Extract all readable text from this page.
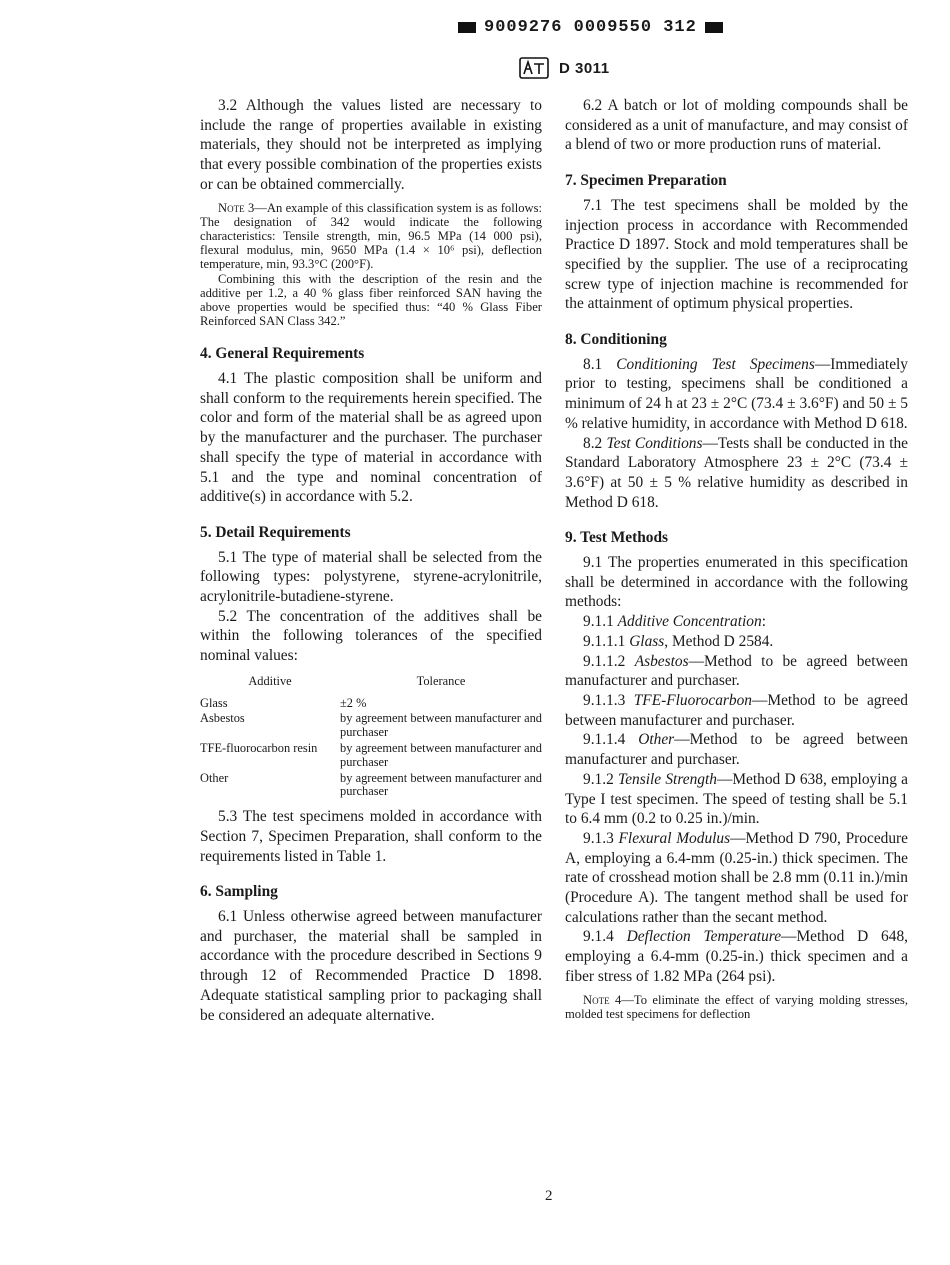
9009276 0009550 312
D 3011

3.2 Although the values listed are necessary to include the range of properties available in existing materials, they should not be interpreted as implying that every possible combination of the properties exists or can be obtained commercially.

Note 3—An example of this classification system is as follows: The designation of 342 would indicate the following characteristics: Tensile strength, min, 96.5 MPa (14 000 psi), flexural modulus, min, 9650 MPa (1.4 × 10⁶ psi), deflection temperature, min, 93.3°C (200°F).

Combining this with the description of the resin and the additive per 1.2, a 40 % glass fiber reinforced SAN having the above properties would be specified thus: “40 % Glass Fiber Reinforced SAN Class 342.”

4. General Requirements

4.1 The plastic composition shall be uniform and shall conform to the requirements herein specified. The color and form of the material shall be as agreed upon by the manufacturer and the purchaser. The purchaser shall specify the type of material in accordance with 5.1 and the type and nominal concentration of additive(s) in accordance with 5.2.

5. Detail Requirements

5.1 The type of material shall be selected from the following types: polystyrene, styrene-acrylonitrile, acrylonitrile-butadiene-styrene.

5.2 The concentration of the additives shall be within the following tolerances of the specified nominal values:

Additive	Tolerance
Glass	±2 %
Asbestos	by agreement between manufacturer and purchaser
TFE-fluorocarbon resin	by agreement between manufacturer and purchaser
Other	by agreement between manufacturer and purchaser

5.3 The test specimens molded in accordance with Section 7, Specimen Preparation, shall conform to the requirements listed in Table 1.

6. Sampling

6.1 Unless otherwise agreed between manufacturer and purchaser, the material shall be sampled in accordance with the procedure described in Sections 9 through 12 of Recommended Practice D 1898. Adequate statistical sampling prior to packaging shall be considered an adequate alternative.

6.2 A batch or lot of molding compounds shall be considered as a unit of manufacture, and may consist of a blend of two or more production runs of material.

7. Specimen Preparation

7.1 The test specimens shall be molded by the injection process in accordance with Recommended Practice D 1897. Stock and mold temperatures shall be specified by the supplier. The use of a reciprocating screw type of injection machine is recommended for the attainment of optimum physical properties.

8. Conditioning

8.1 Conditioning Test Specimens—Immediately prior to testing, specimens shall be conditioned a minimum of 24 h at 23 ± 2°C (73.4 ± 3.6°F) and 50 ± 5 % relative humidity, in accordance with Method D 618.

8.2 Test Conditions—Tests shall be conducted in the Standard Laboratory Atmosphere 23 ± 2°C (73.4 ± 3.6°F) at 50 ± 5 % relative humidity as described in Method D 618.

9. Test Methods

9.1 The properties enumerated in this specification shall be determined in accordance with the following methods:

9.1.1 Additive Concentration:

9.1.1.1 Glass, Method D 2584.

9.1.1.2 Asbestos—Method to be agreed between manufacturer and purchaser.

9.1.1.3 TFE-Fluorocarbon—Method to be agreed between manufacturer and purchaser.

9.1.1.4 Other—Method to be agreed between manufacturer and purchaser.

9.1.2 Tensile Strength—Method D 638, employing a Type I test specimen. The speed of testing shall be 5.1 to 6.4 mm (0.2 to 0.25 in.)/min.

9.1.3 Flexural Modulus—Method D 790, Procedure A, employing a 6.4-mm (0.25-in.) thick specimen. The rate of crosshead motion shall be 2.8 mm (0.11 in.)/min (Procedure A). The tangent method shall be used for calculations rather than the secant method.

9.1.4 Deflection Temperature—Method D 648, employing a 6.4-mm (0.25-in.) thick specimen and a fiber stress of 1.82 MPa (264 psi).

Note 4—To eliminate the effect of varying molding stresses, molded test specimens for deflection

2
